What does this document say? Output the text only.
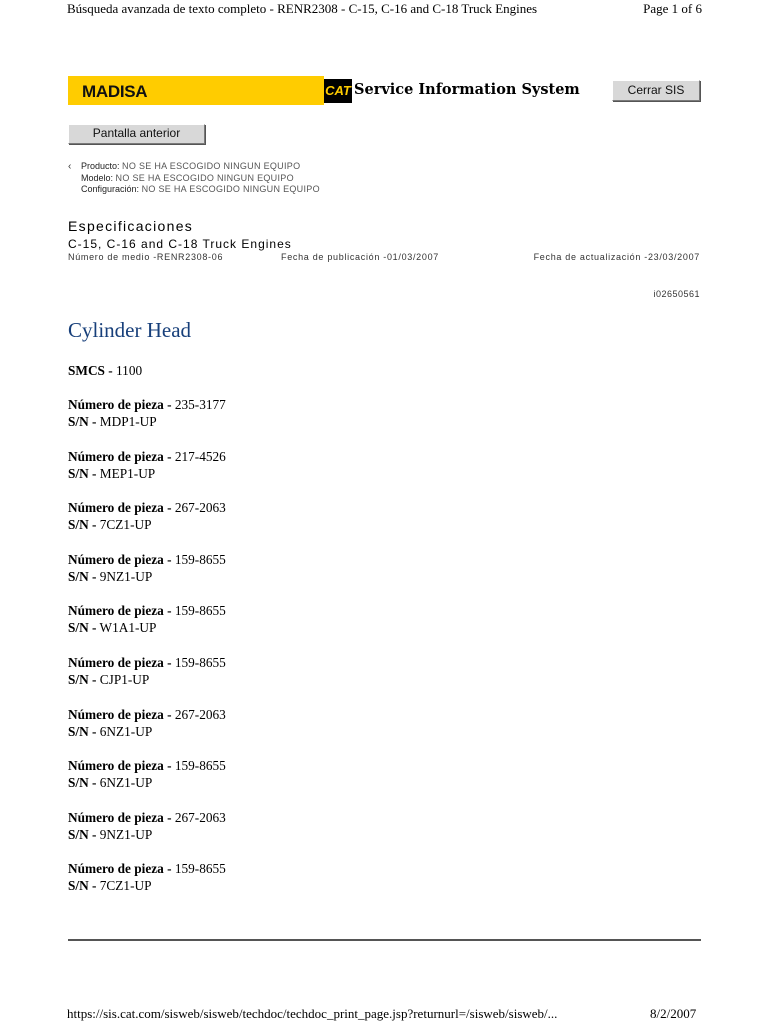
Búsqueda avanzada de texto completo - RENR2308 - C-15, C-16 and C-18 Truck Engines	Page 1 of 6
MADISA	CAT Service Information System	Cerrar SIS
Pantalla anterior
‹ Producto: NO SE HA ESCOGIDO NINGUN EQUIPO
Modelo: NO SE HA ESCOGIDO NINGUN EQUIPO
Configuración: NO SE HA ESCOGIDO NINGUN EQUIPO
Especificaciones
C-15, C-16 and C-18 Truck Engines
Número de medio -RENR2308-06	Fecha de publicación -01/03/2007	Fecha de actualización -23/03/2007
i02650561
Cylinder Head
SMCS - 1100
Número de pieza - 235-3177
S/N - MDP1-UP
Número de pieza - 217-4526
S/N - MEP1-UP
Número de pieza - 267-2063
S/N - 7CZ1-UP
Número de pieza - 159-8655
S/N - 9NZ1-UP
Número de pieza - 159-8655
S/N - W1A1-UP
Número de pieza - 159-8655
S/N - CJP1-UP
Número de pieza - 267-2063
S/N - 6NZ1-UP
Número de pieza - 159-8655
S/N - 6NZ1-UP
Número de pieza - 267-2063
S/N - 9NZ1-UP
Número de pieza - 159-8655
S/N - 7CZ1-UP
https://sis.cat.com/sisweb/sisweb/techdoc/techdoc_print_page.jsp?returnurl=/sisweb/sisweb/...	8/2/2007
